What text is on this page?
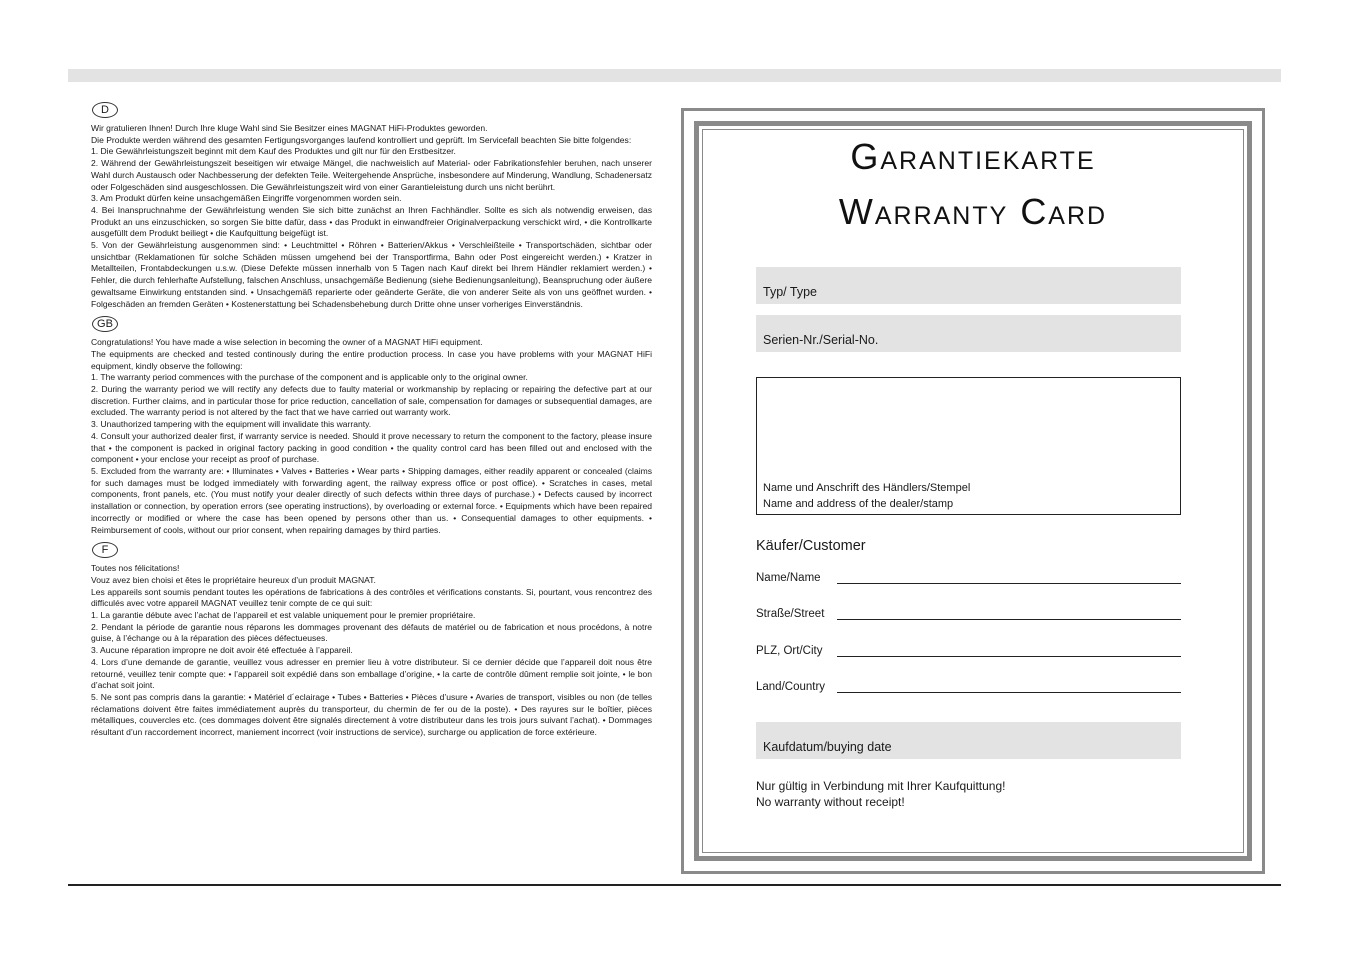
D

Wir gratulieren Ihnen! Durch Ihre kluge Wahl sind Sie Besitzer eines MAGNAT HiFi-Produktes geworden.

Die Produkte werden während des gesamten Fertigungsvorganges laufend kontrolliert und geprüft. Im Servicefall beachten Sie bitte folgendes:

1. Die Gewährleistungszeit beginnt mit dem Kauf des Produktes und gilt nur für den Erstbesitzer.

2. Während der Gewährleistungszeit beseitigen wir etwaige Mängel, die nachweislich auf Material- oder Fabrikationsfehler beruhen, nach unserer Wahl durch Austausch oder Nachbesserung der defekten Teile. Weitergehende Ansprüche, insbesondere auf Minderung, Wandlung, Schadenersatz oder Folgeschäden sind ausgeschlossen. Die Gewährleistungszeit wird von einer Garantieleistung durch uns nicht berührt.

3. Am Produkt dürfen keine unsachgemäßen Eingriffe vorgenommen worden sein.

4. Bei Inanspruchnahme der Gewährleistung wenden Sie sich bitte zunächst an Ihren Fachhändler. Sollte es sich als notwendig erweisen, das Produkt an uns einzuschicken, so sorgen Sie bitte dafür, dass • das Produkt in einwandfreier Originalverpackung verschickt wird, • die Kontrollkarte ausgefüllt dem Produkt beiliegt • die Kaufquittung beigefügt ist.

5. Von der Gewährleistung ausgenommen sind: • Leuchtmittel • Röhren • Batterien/Akkus • Verschleißteile • Transportschäden, sichtbar oder unsichtbar (Reklamationen für solche Schäden müssen umgehend bei der Transportfirma, Bahn oder Post eingereicht werden.) • Kratzer in Metallteilen, Frontabdeckungen u.s.w. (Diese Defekte müssen innerhalb von 5 Tagen nach Kauf direkt bei Ihrem Händler reklamiert werden.) • Fehler, die durch fehlerhafte Aufstellung, falschen Anschluss, unsachgemäße Bedienung (siehe Bedienungsanleitung), Beanspruchung oder äußere gewaltsame Einwirkung entstanden sind. • Unsachgemäß reparierte oder geänderte Geräte, die von anderer Seite als von uns geöffnet wurden. • Folgeschäden an fremden Geräten • Kostenerstattung bei Schadensbehebung durch Dritte ohne unser vorheriges Einverständnis.

GB

Congratulations! You have made a wise selection in becoming the owner of a MAGNAT HiFi equipment.

The equipments are checked and tested continously during the entire production process. In case you have problems with your MAGNAT HiFi equipment, kindly observe the following:

1. The warranty period commences with the purchase of the component and is applicable only to the original owner.

2. During the warranty period we will rectify any defects due to faulty material or workmanship by replacing or repairing the defective part at our discretion. Further claims, and in particular those for price reduction, cancellation of sale, compensation for damages or subsequential damages, are excluded. The warranty period is not altered by the fact that we have carried out warranty work.

3. Unauthorized tampering with the equipment will invalidate this warranty.

4. Consult your authorized dealer first, if warranty service is needed. Should it prove necessary to return the component to the factory, please insure that • the component is packed in original factory packing in good condition • the quality control card has been filled out and enclosed with the component • your enclose your receipt as proof of purchase.

5. Excluded from the warranty are: • Illuminates • Valves • Batteries • Wear parts • Shipping damages, either readily apparent or concealed (claims for such damages must be lodged immediately with forwarding agent, the railway express office or post office). • Scratches in cases, metal components, front panels, etc. (You must notify your dealer directly of such defects within three days of purchase.) • Defects caused by incorrect installation or connection, by operation errors (see operating instructions), by overloading or external force. • Equipments which have been repaired incorrectly or modified or where the case has been opened by persons other than us. • Consequential damages to other equipments. • Reimbursement of cools, without our prior consent, when repairing damages by third parties.

F

Toutes nos félicitations!

Vouz avez bien choisi et êtes le propriétaire heureux d’un produit MAGNAT.

Les appareils sont soumis pendant toutes les opérations de fabrications à des contrôles et vérifications constants. Si, pourtant, vous rencontrez des difficulés avec votre appareil MAGNAT veuillez tenir compte de ce qui suit:

1. La garantie débute avec l’achat de l’appareil et est valable uniquement pour le premier propriétaire.

2. Pendant la période de garantie nous réparons les dommages provenant des défauts de matériel ou de fabrication et nous procédons, à notre guise, à l’échange ou à la réparation des pièces défectueuses.

3. Aucune réparation impropre ne doit avoir été effectuée à l’appareil.

4. Lors d’une demande de garantie, veuillez vous adresser en premier lieu à votre distributeur. Si ce dernier décide que l’appareil doit nous être retourné, veuillez tenir compte que: • l’appareil soit expédié dans son emballage d’origine, • la carte de contrôle dûment remplie soit jointe, • le bon d’achat soit joint.

5. Ne sont pas compris dans la garantie: • Matériel d´eclairage • Tubes • Batteries • Pièces d’usure • Avaries de transport, visibles ou non (de telles réclamations doivent être faites immédiatement auprès du transporteur, du chermin de fer ou de la poste). • Des rayures sur le boîtier, pièces métalliques, couvercles etc. (ces dommages doivent être signalés directement à votre distributeur dans les trois jours suivant l’achat). • Dommages résultant d’un raccordement incorrect, maniement incorrect (voir instructions de service), surcharge ou application de force extérieure.

Garantiekarte
Warranty Card
Typ/ Type
Serien-Nr./Serial-No.
Name und Anschrift des Händlers/Stempel
Name and address of the dealer/stamp
Käufer/Customer
Name/Name
Straße/Street
PLZ, Ort/City
Land/Country
Kaufdatum/buying date
Nur gültig in Verbindung mit Ihrer Kaufquittung!
No warranty without receipt!
